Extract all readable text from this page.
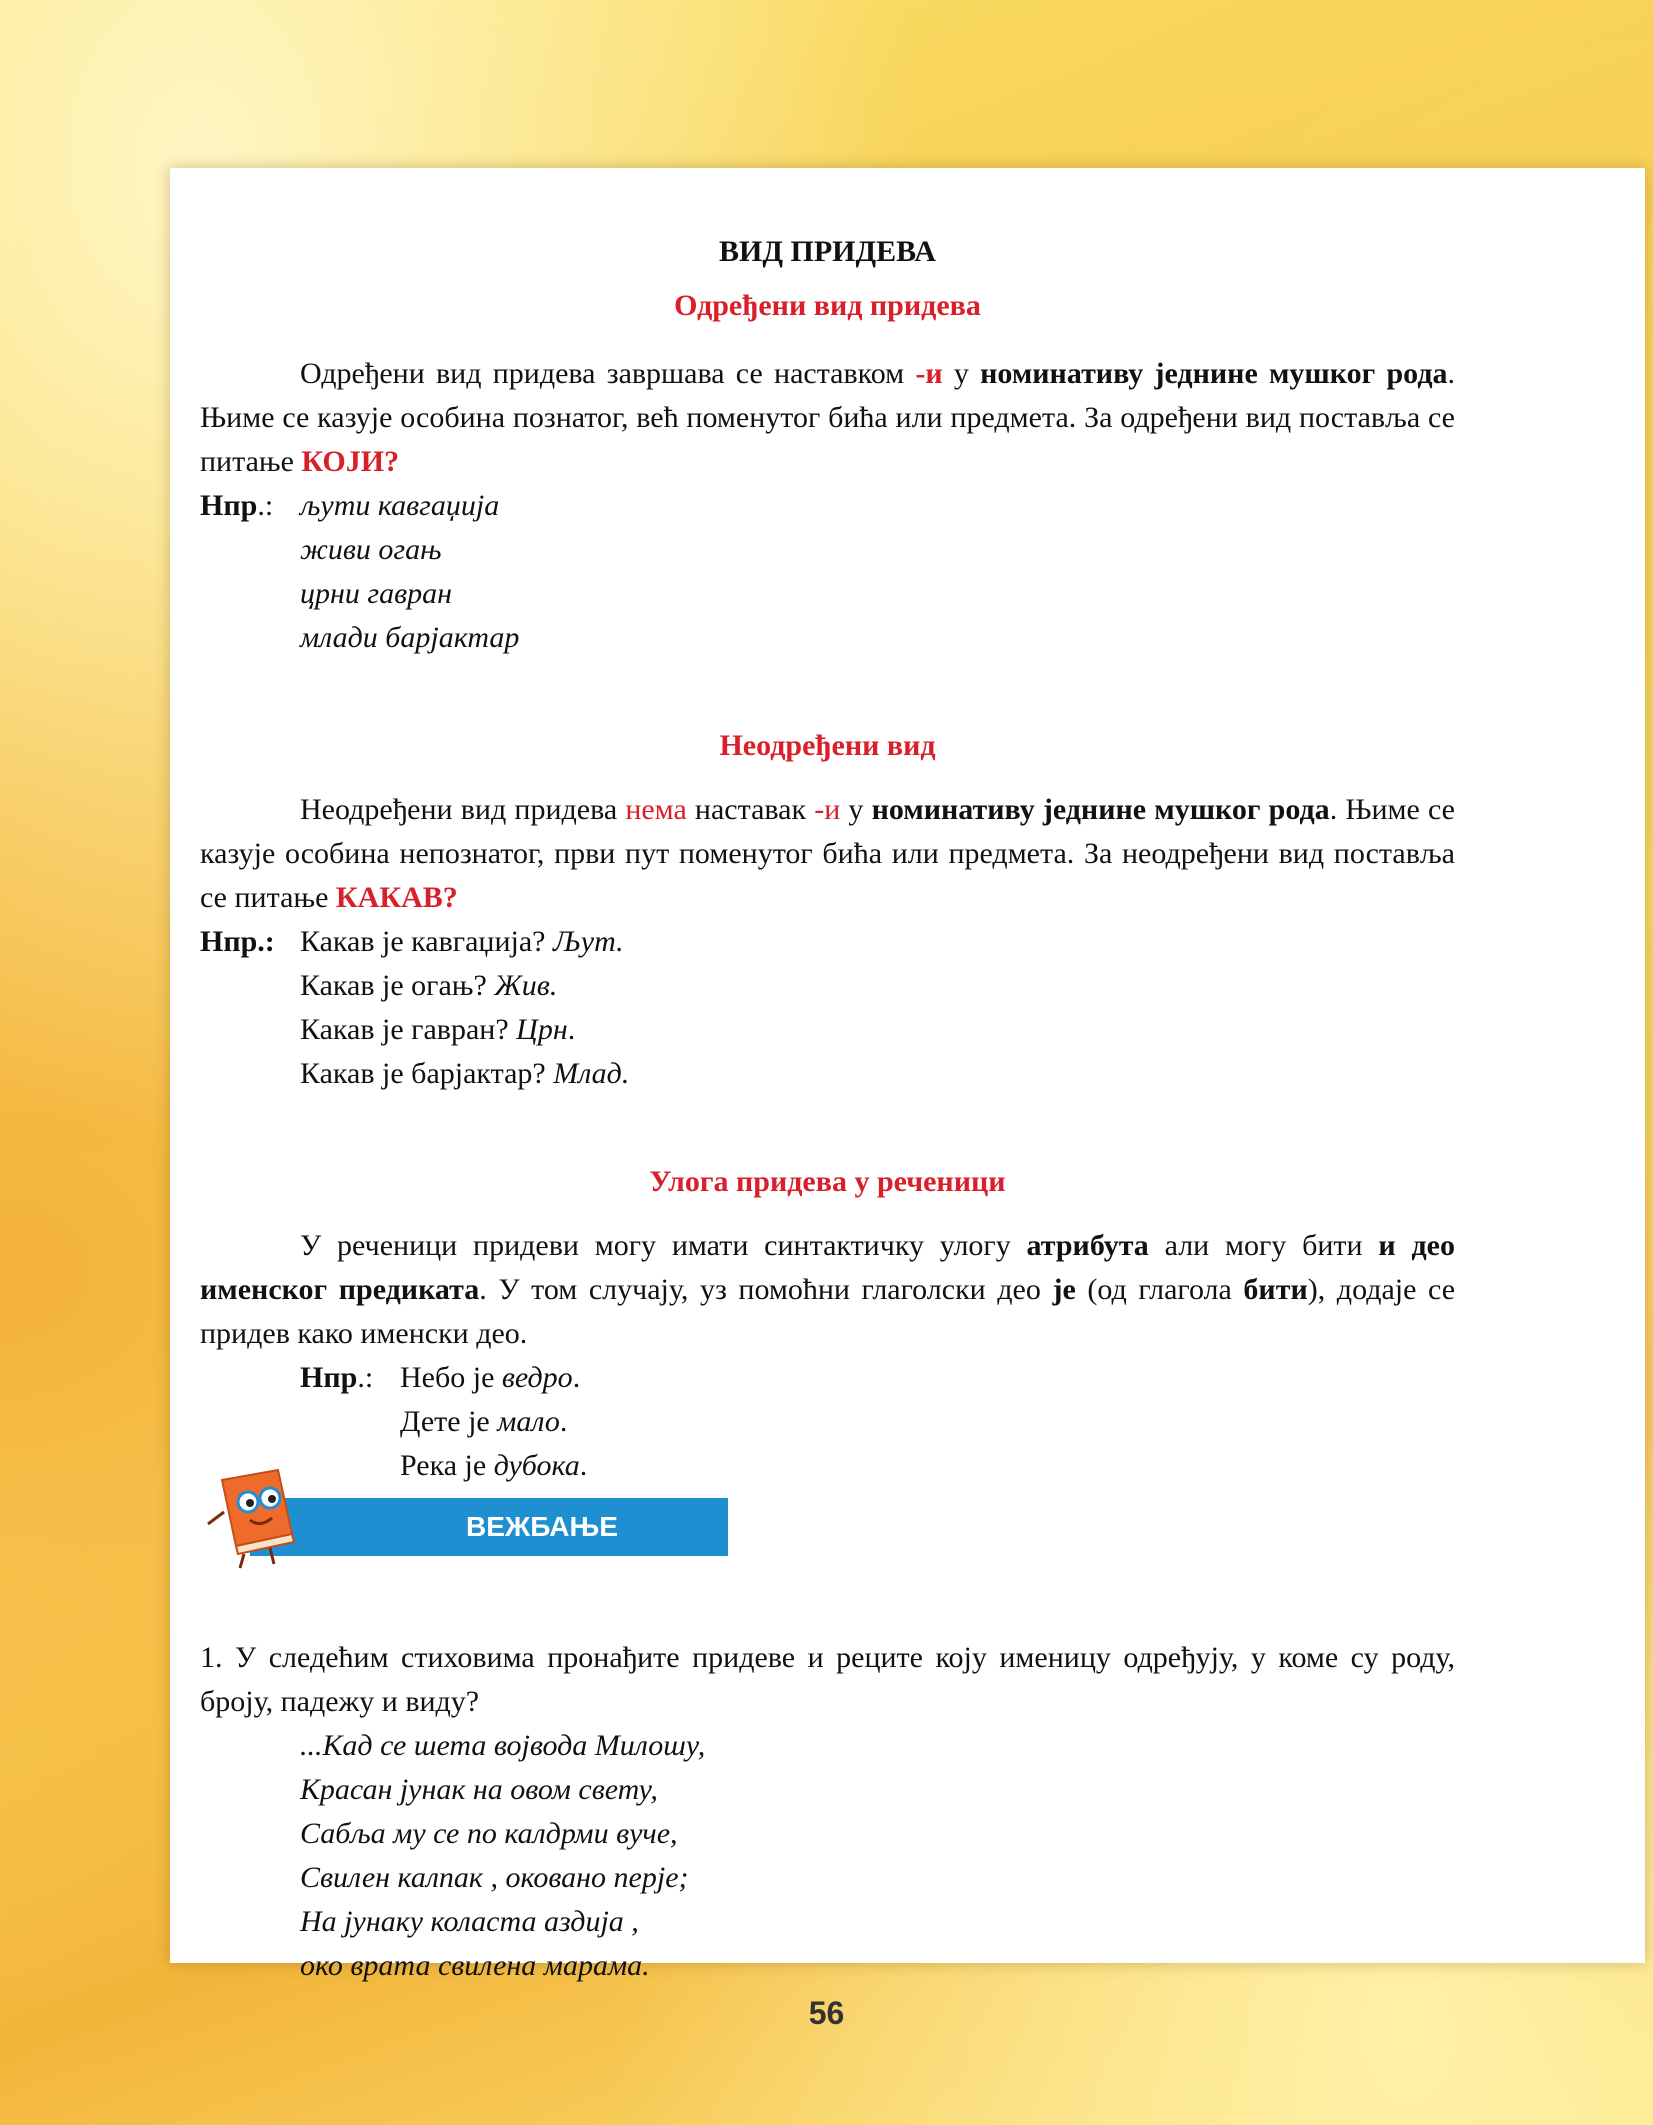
ВИД ПРИДЕВА
Одређени вид придева

Одређени вид придева завршава се наставком -и у номинативу једнине мушког рода. Њиме се казује особина познатог, већ поменутог бића или предмета. За одређени вид поставља се питање КОЈИ?

Нпр.: љути кавгаџија
живи огањ
црни гавран
млади барјактар
Неодређени вид

Неодређени вид придева нема наставак -и у номинативу једнине мушког рода. Њиме се казује особина непознатог, први пут поменутог бића или предмета. За неодређени вид поставља се питање КАКАВ?

Нпр.: Какав је кавгаџија? Љут.
Какав је огањ? Жив.
Какав је гавран? Црн.
Какав је барјактар? Млад.
Улога придева у реченици

У реченици придеви могу имати синтактичку улогу атрибута али могу бити и део именског предиката. У том случају, уз помоћни глаголски део је (од глагола бити), додаје се придев како именски део.

Нпр.: Небо је ведро.
Дете је мало.
Река је дубока.

1. У следећим стиховима пронађите придеве и реците коју именицу одређују, у коме су роду, броју, падежу и виду?

...Кад се шета војвода Милошу,
Красан јунак на овом свету,
Сабља му се по калдрми вуче,
Свилен калпак , оковано перје;
На јунаку коласта аздија ,
око врата свилена марама.
ВЕЖБАЊЕ
56
